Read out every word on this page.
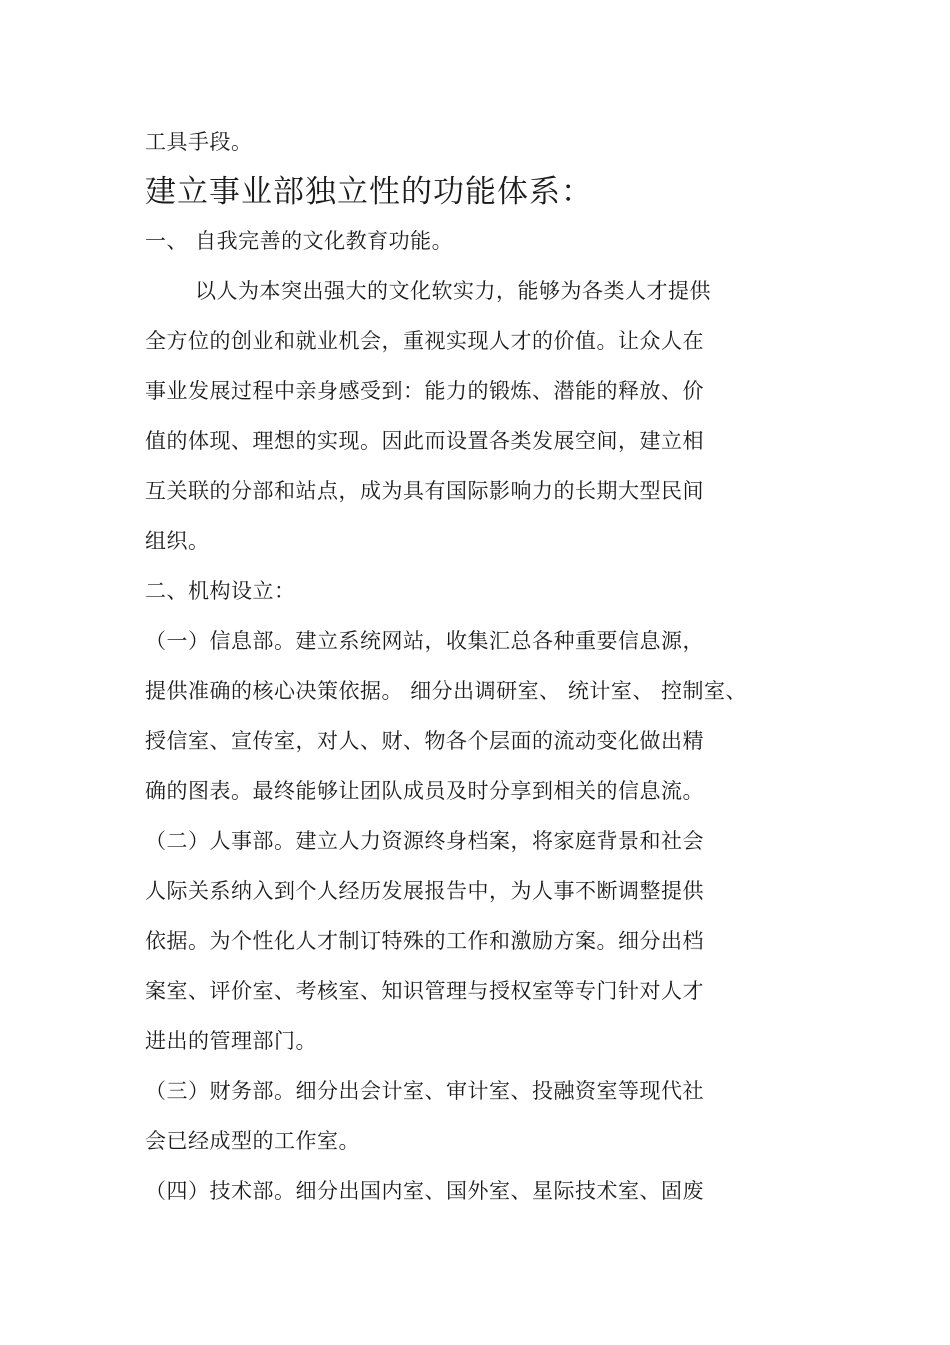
工具手段。
建立事业部独立性的功能体系：
一、 自我完善的文化教育功能。
以人为本突出强大的文化软实力，能够为各类人才提供
全方位的创业和就业机会，重视实现人才的价值。让众人在
事业发展过程中亲身感受到：能力的锻炼、潜能的释放、价
值的体现、理想的实现。因此而设置各类发展空间，建立相
互关联的分部和站点，成为具有国际影响力的长期大型民间
组织。
二、机构设立：
（一）信息部。建立系统网站，收集汇总各种重要信息源，
提供准确的核心决策依据。 细分出调研室、 统计室、 控制室、
授信室、宣传室，对人、财、物各个层面的流动变化做出精
确的图表。最终能够让团队成员及时分享到相关的信息流。
（二）人事部。建立人力资源终身档案，将家庭背景和社会
人际关系纳入到个人经历发展报告中，为人事不断调整提供
依据。为个性化人才制订特殊的工作和激励方案。细分出档
案室、评价室、考核室、知识管理与授权室等专门针对人才
进出的管理部门。
（三）财务部。细分出会计室、审计室、投融资室等现代社
会已经成型的工作室。
（四）技术部。细分出国内室、国外室、星际技术室、固废
